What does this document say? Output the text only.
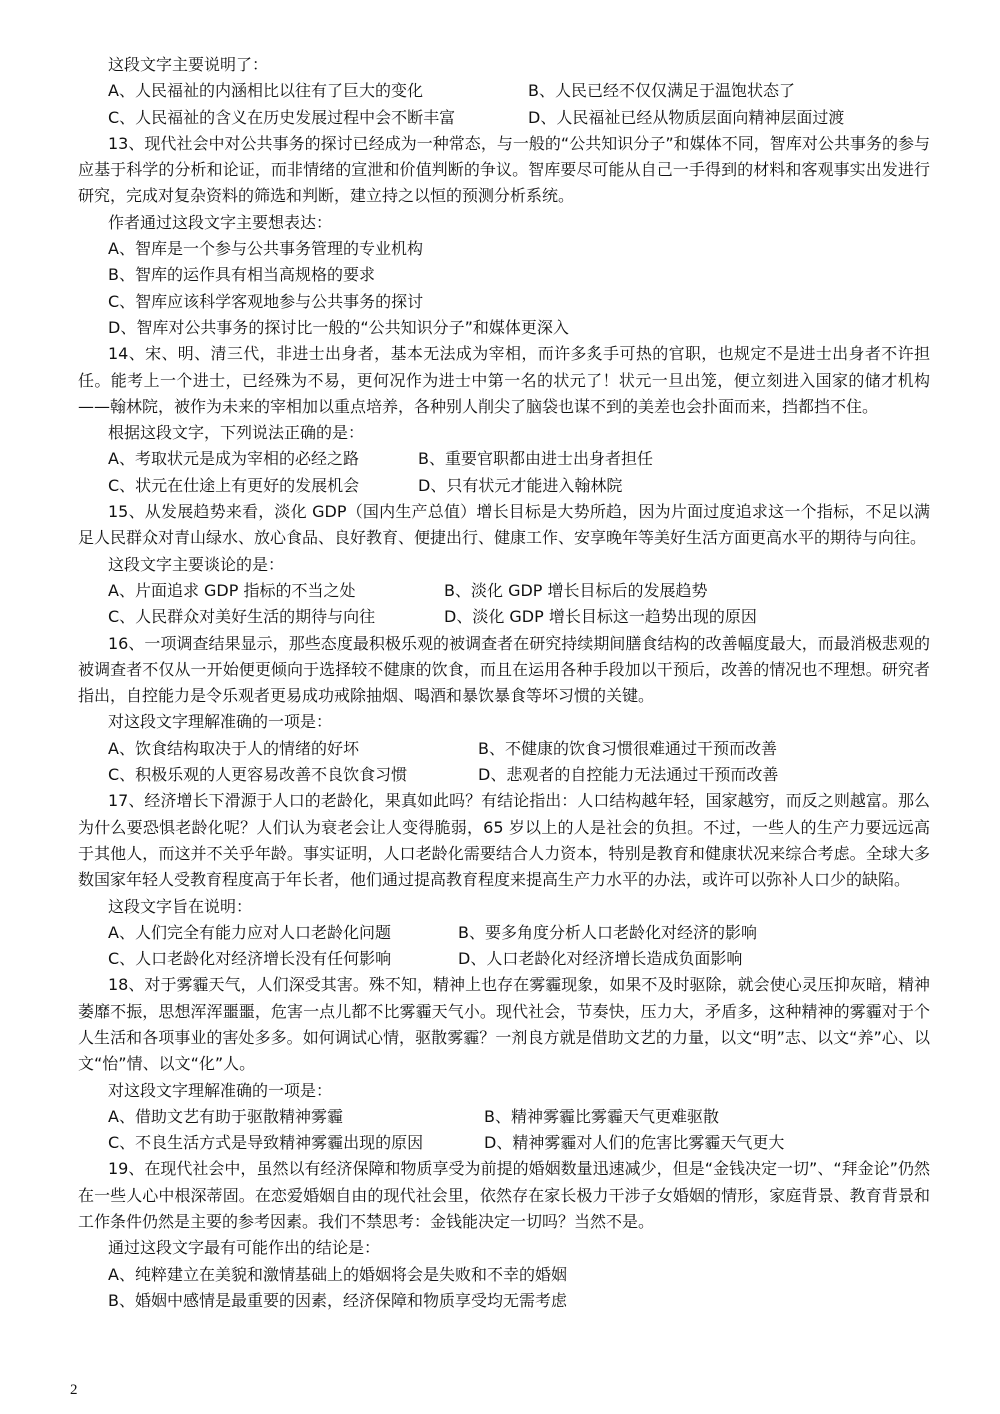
这段文字主要说明了：
A、人民福祉的内涵相比以往有了巨大的变化	B、人民已经不仅仅满足于温饱状态了
C、人民福祉的含义在历史发展过程中会不断丰富	D、人民福祉已经从物质层面向精神层面过渡
13、现代社会中对公共事务的探讨已经成为一种常态，与一般的“公共知识分子”和媒体不同，智库对公共事务的参与应基于科学的分析和论证，而非情绪的宣泄和价值判断的争议。智库要尽可能从自己一手得到的材料和客观事实出发进行研究，完成对复杂资料的筛选和判断，建立持之以恒的预测分析系统。
作者通过这段文字主要想表达：
A、智库是一个参与公共事务管理的专业机构
B、智库的运作具有相当高规格的要求
C、智库应该科学客观地参与公共事务的探讨
D、智库对公共事务的探讨比一般的“公共知识分子”和媒体更深入
14、宋、明、清三代，非进士出身者，基本无法成为宰相，而许多炙手可热的官职，也规定不是进士出身者不许担任。能考上一个进士，已经殊为不易，更何况作为进士中第一名的状元了！状元一旦出笼，便立刻进入国家的储才机构——翰林院，被作为未来的宰相加以重点培养，各种别人削尖了脑袋也谋不到的美差也会扑面而来，挡都挡不住。
根据这段文字，下列说法正确的是：
A、考取状元是成为宰相的必经之路	B、重要官职都由进士出身者担任
C、状元在仕途上有更好的发展机会	D、只有状元才能进入翰林院
15、从发展趋势来看，淡化 GDP（国内生产总值）增长目标是大势所趋，因为片面过度追求这一个指标，不足以满足人民群众对青山绿水、放心食品、良好教育、便捷出行、健康工作、安享晚年等美好生活方面更高水平的期待与向往。
这段文字主要谈论的是：
A、片面追求 GDP 指标的不当之处	B、淡化 GDP 增长目标后的发展趋势
C、人民群众对美好生活的期待与向往	D、淡化 GDP 增长目标这一趋势出现的原因
16、一项调查结果显示，那些态度最积极乐观的被调查者在研究持续期间膳食结构的改善幅度最大，而最消极悲观的被调查者不仅从一开始便更倾向于选择较不健康的饮食，而且在运用各种手段加以干预后，改善的情况也不理想。研究者指出，自控能力是令乐观者更易成功戒除抽烟、喝酒和暴饮暴食等坏习惯的关键。
对这段文字理解准确的一项是：
A、饮食结构取决于人的情绪的好坏	B、不健康的饮食习惯很难通过干预而改善
C、积极乐观的人更容易改善不良饮食习惯	D、悲观者的自控能力无法通过干预而改善
17、经济增长下滑源于人口的老龄化，果真如此吗？有结论指出：人口结构越年轻，国家越穷，而反之则越富。那么为什么要恐惧老龄化呢？人们认为衰老会让人变得脆弱，65 岁以上的人是社会的负担。不过，一些人的生产力要远远高于其他人，而这并不关乎年龄。事实证明，人口老龄化需要结合人力资本，特别是教育和健康状况来综合考虑。全球大多数国家年轻人受教育程度高于年长者，他们通过提高教育程度来提高生产力水平的办法，或许可以弥补人口少的缺陷。
这段文字旨在说明：
A、人们完全有能力应对人口老龄化问题	B、要多角度分析人口老龄化对经济的影响
C、人口老龄化对经济增长没有任何影响	D、人口老龄化对经济增长造成负面影响
18、对于雾霾天气，人们深受其害。殊不知，精神上也存在雾霾现象，如果不及时驱除，就会使心灵压抑灰暗，精神萎靡不振，思想浑浑噩噩，危害一点儿都不比雾霾天气小。现代社会，节奏快，压力大，矛盾多，这种精神的雾霾对于个人生活和各项事业的害处多多。如何调试心情，驱散雾霾？一剂良方就是借助文艺的力量，以文“明”志、以文“养”心、以文“怡”情、以文“化”人。
对这段文字理解准确的一项是：
A、借助文艺有助于驱散精神雾霾	B、精神雾霾比雾霾天气更难驱散
C、不良生活方式是导致精神雾霾出现的原因	D、精神雾霾对人们的危害比雾霾天气更大
19、在现代社会中，虽然以有经济保障和物质享受为前提的婚姻数量迅速减少，但是“金钱决定一切”、“拜金论”仍然在一些人心中根深蒂固。在恋爱婚姻自由的现代社会里，依然存在家长极力干涉子女婚姻的情形，家庭背景、教育背景和工作条件仍然是主要的参考因素。我们不禁思考：金钱能决定一切吗？当然不是。
通过这段文字最有可能作出的结论是：
A、纯粹建立在美貌和激情基础上的婚姻将会是失败和不幸的婚姻
B、婚姻中感情是最重要的因素，经济保障和物质享受均无需考虑
2
